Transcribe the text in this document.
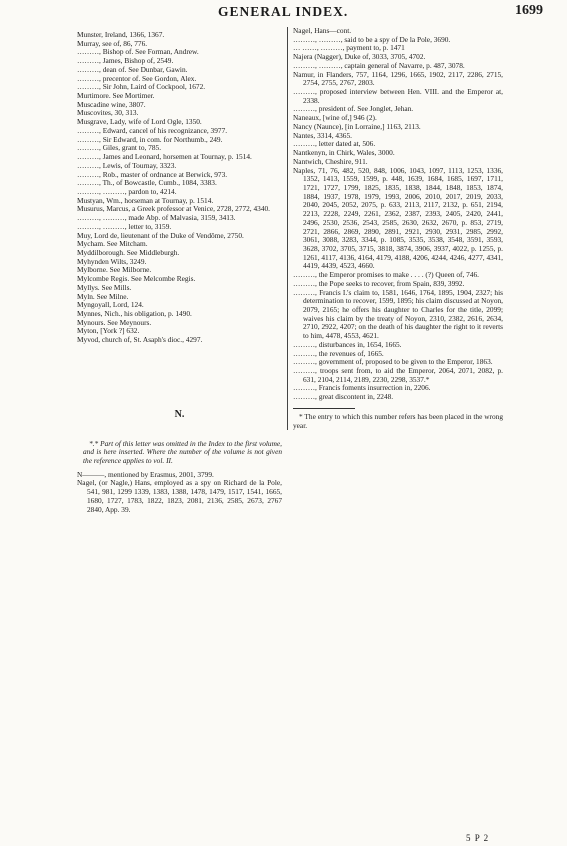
GENERAL INDEX.	1699
Munster, Ireland, 1366, 1367.
Murray, see of, 86, 776.
………, Bishop of. See Forman, Andrew.
………, James, Bishop of, 2549.
………, dean of. See Dunbar, Gawin.
………, precentor of. See Gordon, Alex.
………, Sir John, Laird of Cockpool, 1672.
Murtimore. See Mortimer.
Muscadine wine, 3807.
Muscovites, 30, 313.
Musgrave, Lady, wife of Lord Ogle, 1350.
………, Edward, cancel of his recognizance, 3977.
………, Sir Edward, in com. for Northumb., 249.
………, Giles, grant to, 785.
………, James and Leonard, horsemen at Tournay, p. 1514.
………, Lewis, of Tournay, 3323.
………, Rob., master of ordnance at Berwick, 973.
………, Th., of Bowcastle, Cumb., 1084, 3383.
………, ………, pardon to, 4214.
Mustyan, Wm., horseman at Tournay, p. 1514.
Musurus, Marcus, a Greek professor at Venice, 2728, 2772, 4340.
………, ………, made Abp. of Malvasia, 3159, 3413.
………, ………, letter to, 3159.
Muy, Lord de, lieutenant of the Duke of Vendôme, 2750.
Mycham. See Mitcham.
Myddilborough. See Middleburgh.
Myhynden Wilts, 3249.
Mylborne. See Milborne.
Mylcombe Regis. See Melcombe Regis.
Myllys. See Mills.
Myln. See Milne.
Myngoyall, Lord, 124.
Mynnes, Nich., his obligation, p. 1490.
Mynours. See Meynours.
Myton, [York ?] 632.
Myvod, church of, St. Asaph's dioc., 4297.
N.
*.* Part of this letter was omitted in the Index to the first volume, and is here inserted. Where the number of the volume is not given the reference applies to vol. II.
N———, mentioned by Erasmus, 2001, 3799.
Nagel, (or Nagle,) Hans, employed as a spy on Richard de la Pole, 541, 981, 1299 1339, 1383, 1388, 1478, 1479, 1517, 1541, 1665, 1680, 1727, 1783, 1822, 1823, 2081, 2136, 2585, 2673, 2767 2840, App. 39.
Nagel, Hans—cont.
………, ………, said to be a spy of De la Pole, 3690.
… ……, ………, payment to, p. 1471
Najera (Nagger), Duke of, 3033, 3705, 4702.
………, ………, captain general of Navarre, p. 487, 3078.
Namur, in Flanders, 757, 1164, 1296, 1665, 1902, 2117, 2286, 2715, 2754, 2755, 2767, 2803.
………, proposed interview between Hen. VIII. and the Emperor at, 2338.
………, president of. See Jonglet, Jehan.
Naneaux, [wine of,] 946 (2).
Nancy (Naunce), [in Lorraine,] 1163, 2113.
Nantes, 3314, 4365.
………, letter dated at, 506.
Nantkenyn, in Chirk, Wales, 3000.
Nantwich, Cheshire, 911.
Naples, 71, 76, 482, 520, 848, 1006, 1043, 1097, 1113, 1253, 1336, 1352, 1413, 1559, 1599, p. 448, 1639, 1684, 1685, 1697, 1711, 1721, 1727, 1799, 1825, 1835, 1838, 1844, 1848, 1853, 1874, 1884, 1937, 1978, 1979, 1993, 2006, 2010, 2017, 2019, 2033, 2040, 2045, 2052, 2075, p. 633, 2113, 2117, 2132, p. 651, 2194, 2213, 2228, 2249, 2261, 2362, 2387, 2393, 2405, 2420, 2441, 2496, 2530, 2536, 2543, 2585, 2630, 2632, 2670, p. 853, 2719, 2721, 2866, 2869, 2890, 2891, 2921, 2930, 2931, 2985, 2992, 3061, 3088, 3283, 3344, p. 1085, 3535, 3538, 3548, 3591, 3593, 3628, 3702, 3705, 3715, 3818, 3874, 3906, 3937, 4022, p. 1255, p. 1261, 4117, 4136, 4164, 4179, 4188, 4206, 4244, 4246, 4277, 4341, 4419, 4439, 4523, 4660.
………, the Emperor promises to make . . . . (?) Queen of, 746.
………, the Pope seeks to recover, from Spain, 839, 3992.
………, Francis I.'s claim to, 1581, 1646, 1764, 1895, 1904, 2327; his determination to recover, 1599, 1895; his claim discussed at Noyon, 2079, 2165; he offers his daughter to Charles for the title, 2099; waives his claim by the treaty of Noyon, 2310, 2382, 2616, 2634, 2710, 2922, 4207; on the death of his daughter the right to it reverts to him, 4478, 4553, 4621.
………, disturbances in, 1654, 1665.
………, the revenues of, 1665.
………, government of, proposed to be given to the Emperor, 1863.
………, troops sent from, to aid the Emperor, 2064, 2071, 2082, p. 631, 2104, 2114, 2189, 2230, 2298, 3537.*
………, Francis foments insurrection in, 2206.
………, great discontent in, 2248.
* The entry to which this number refers has been placed in the wrong year.
5 P 2
